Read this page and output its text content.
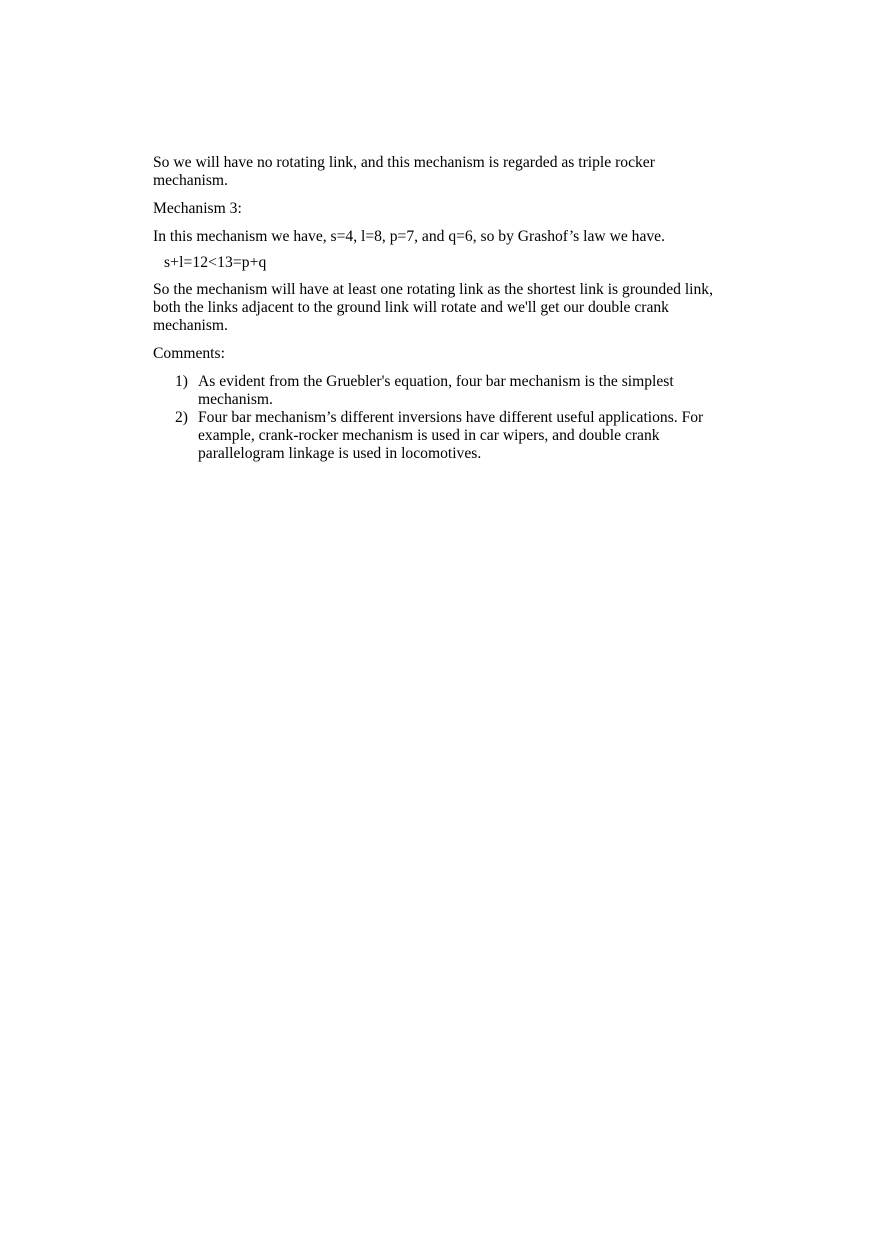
So we will have no rotating link, and this mechanism is regarded as triple rocker mechanism.

Mechanism 3:

In this mechanism we have, s=4, l=8, p=7, and q=6, so by Grashof’s law we have.

s+l=12<13=p+q

So the mechanism will have at least one rotating link as the shortest link is grounded link, both the links adjacent to the ground link will rotate and we'll get our double crank mechanism.

Comments:

1) As evident from the Gruebler's equation, four bar mechanism is the simplest mechanism.
2) Four bar mechanism’s different inversions have different useful applications. For example, crank-rocker mechanism is used in car wipers, and double crank parallelogram linkage is used in locomotives.
